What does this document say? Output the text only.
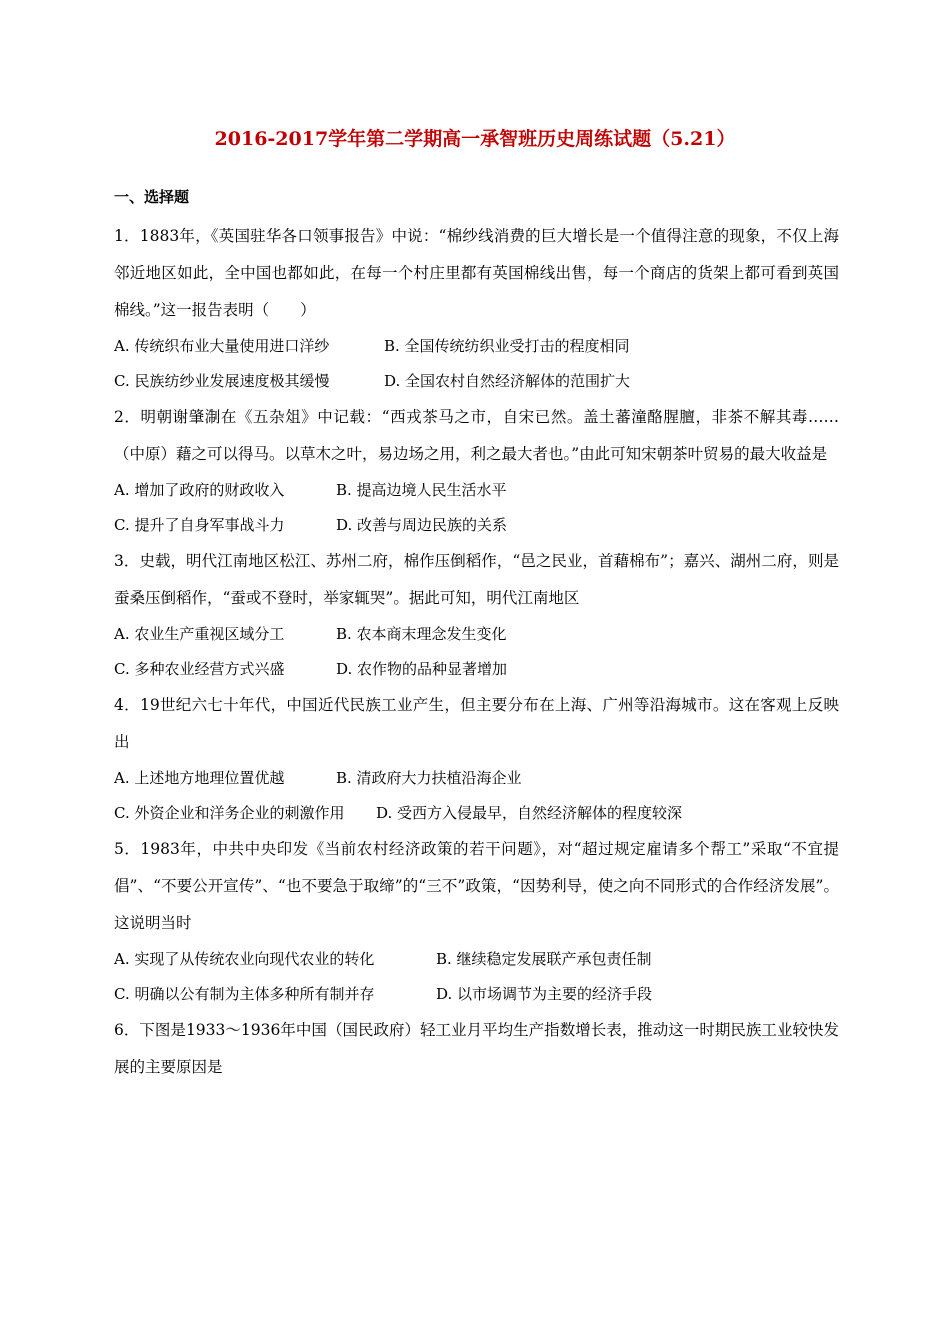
2016-2017学年第二学期高一承智班历史周练试题（5.21）
一、选择题

1．1883年，《英国驻华各口领事报告》中说：“棉纱线消费的巨大增长是一个值得注意的现象，不仅上海邻近地区如此，全中国也都如此，在每一个村庄里都有英国棉线出售，每一个商店的货架上都可看到英国棉线。”这一报告表明（　　）

A. 传统织布业大量使用进口洋纱	B. 全国传统纺织业受打击的程度相同
C. 民族纺纱业发展速度极其缓慢	D. 全国农村自然经济解体的范围扩大

2．明朝谢肇淛在《五杂俎》中记载：“西戎茶马之市，自宋已然。盖土蕃潼酪腥膻，非茶不解其毒……（中原）藉之可以得马。以草木之叶，易边场之用，利之最大者也。”由此可知宋朝茶叶贸易的最大收益是

A. 增加了政府的财政收入	B. 提高边境人民生活水平
C. 提升了自身军事战斗力	D. 改善与周边民族的关系

3．史载，明代江南地区松江、苏州二府，棉作压倒稻作，“邑之民业，首藉棉布”；嘉兴、湖州二府，则是蚕桑压倒稻作，“蚕或不登时，举家辄哭”。据此可知，明代江南地区

A. 农业生产重视区域分工	B. 农本商末理念发生变化
C. 多种农业经营方式兴盛	D. 农作物的品种显著增加

4．19世纪六七十年代，中国近代民族工业产生，但主要分布在上海、广州等沿海城市。这在客观上反映出

A. 上述地方地理位置优越	B. 清政府大力扶植沿海企业
C. 外资企业和洋务企业的刺激作用 D. 受西方入侵最早，自然经济解体的程度较深

5．1983年，中共中央印发《当前农村经济政策的若干问题》，对“超过规定雇请多个帮工”采取“不宜提倡”、“不要公开宣传”、“也不要急于取缔”的“三不”政策，“因势利导，使之向不同形式的合作经济发展”。这说明当时

A. 实现了从传统农业向现代农业的转化	B. 继续稳定发展联产承包责任制
C. 明确以公有制为主体多种所有制并存	D. 以市场调节为主要的经济手段

6．下图是1933～1936年中国（国民政府）轻工业月平均生产指数增长表，推动这一时期民族工业较快发展的主要原因是
